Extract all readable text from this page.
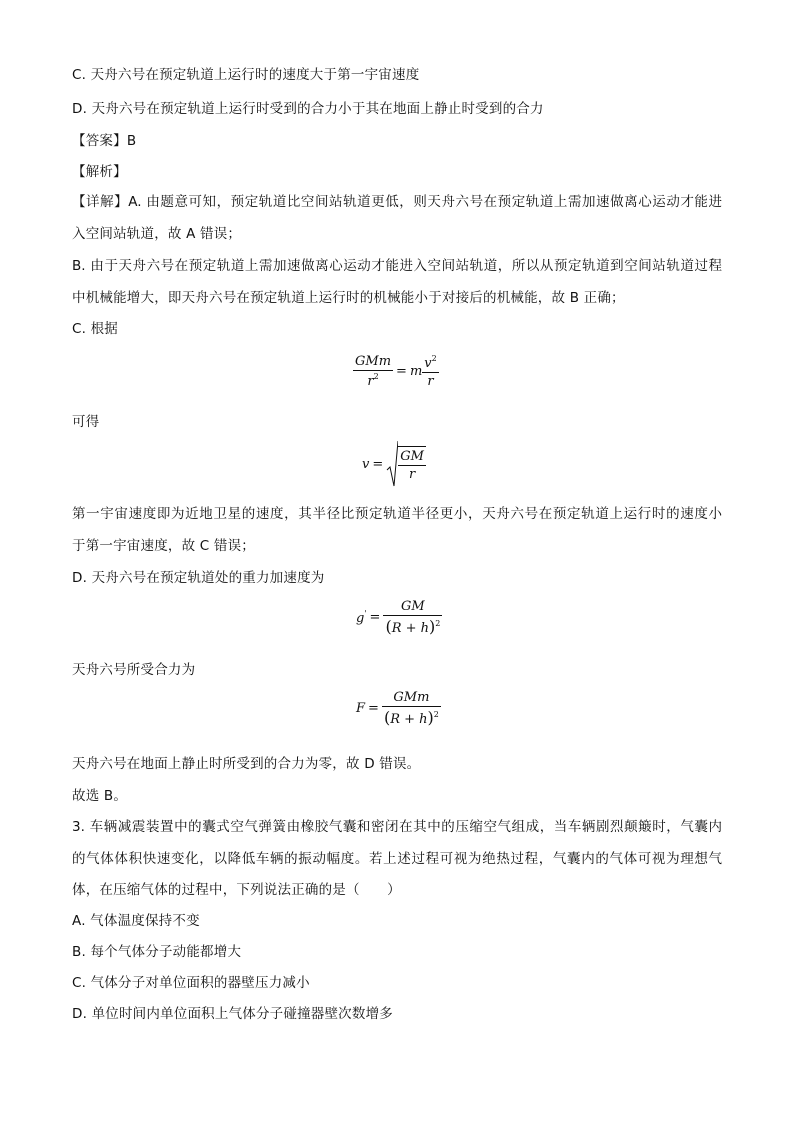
C. 天舟六号在预定轨道上运行时的速度大于第一宇宙速度
D. 天舟六号在预定轨道上运行时受到的合力小于其在地面上静止时受到的合力
【答案】B
【解析】
【详解】A. 由题意可知，预定轨道比空间站轨道更低，则天舟六号在预定轨道上需加速做离心运动才能进
入空间站轨道，故 A 错误；
B. 由于天舟六号在预定轨道上需加速做离心运动才能进入空间站轨道，所以从预定轨道到空间站轨道过程
中机械能增大，即天舟六号在预定轨道上运行时的机械能小于对接后的机械能，故 B 正确；
C. 根据
$\frac{\text{GMm}}{r^2} = m \frac{v^2}{r}$
可得
$v = \frac{GM}{r}$
第一宇宙速度即为近地卫星的速度，其半径比预定轨道半径更小，天舟六号在预定轨道上运行时的速度小
于第一宇宙速度，故 C 错误；
D. 天舟六号在预定轨道处的重力加速度为
$g' = \frac{GM}{(R + h)^2}$
天舟六号所受合力为
$F = \frac{\text{GMm}}{(R + h)^2}$
天舟六号在地面上静止时所受到的合力为零，故 D 错误。
故选 B。
3. 车辆减震装置中的囊式空气弹簧由橡胶气囊和密闭在其中的压缩空气组成，当车辆剧烈颠簸时，气囊内
的气体体积快速变化，以降低车辆的振动幅度。若上述过程可视为绝热过程，气囊内的气体可视为理想气
体，在压缩气体的过程中，下列说法正确的是（　　）
A. 气体温度保持不变
B. 每个气体分子动能都增大
C. 气体分子对单位面积的器壁压力减小
D. 单位时间内单位面积上气体分子碰撞器壁次数增多
